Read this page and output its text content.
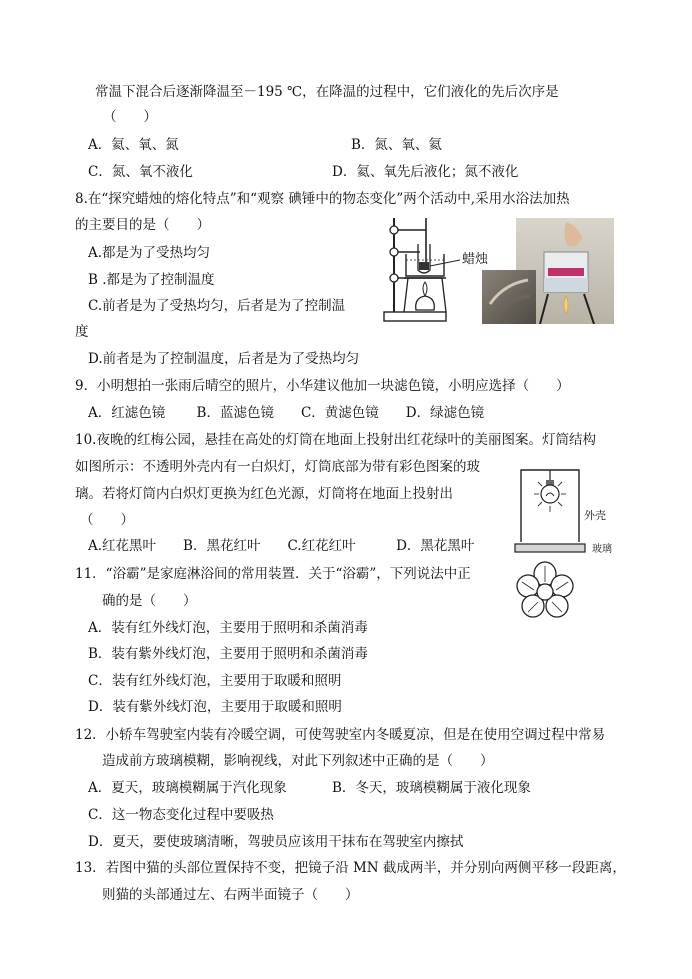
常温下混合后逐渐降温至－195 ℃，在降温的过程中，它们液化的先后次序是
（　　）
A．氦、氧、氮	B．氮、氧、氦
C．氮、氧不液化	D．氦、氧先后液化；氮不液化
8.在“探究蜡烛的熔化特点”和“观察 碘锤中的物态变化”两个活动中,采用水浴法加热
的主要目的是（　　）
A.都是为了受热均匀
B .都是为了控制温度
C.前者是为了受热均匀，后者是为了控制温
度
D.前者是为了控制温度，后者是为了受热均匀
蜡烛
9．小明想拍一张雨后晴空的照片，小华建议他加一块滤色镜，小明应选择（　　）
A．红滤色镜　　 B．蓝滤色镜　　C．黄滤色镜　　D．绿滤色镜
10.夜晚的红梅公园，悬挂在高处的灯筒在地面上投射出红花绿叶的美丽图案。灯筒结构
如图所示：不透明外壳内有一白炽灯，灯筒底部为带有彩色图案的玻
璃。若将灯筒内白炽灯更换为红色光源，灯筒将在地面上投射出
（　　）
A.红花黑叶　　B．黑花红叶　　C.红花红叶　　　D．黑花黑叶
外壳
玻璃
11．“浴霸”是家庭淋浴间的常用装置．关于“浴霸”，下列说法中正
确的是（　　）
A．装有红外线灯泡，主要用于照明和杀菌消毒
B．装有紫外线灯泡，主要用于照明和杀菌消毒
C．装有红外线灯泡，主要用于取暖和照明
D．装有紫外线灯泡，主要用于取暖和照明
12．小轿车驾驶室内装有冷暖空调，可使驾驶室内冬暖夏凉，但是在使用空调过程中常易
造成前方玻璃模糊，影响视线，对此下列叙述中正确的是（　　）
A．夏天，玻璃模糊属于汽化现象	B．冬天，玻璃模糊属于液化现象
C．这一物态变化过程中要吸热
D．夏天，要使玻璃清晰，驾驶员应该用干抹布在驾驶室内擦拭
13．若图中猫的头部位置保持不变，把镜子沿 MN 截成两半，并分别向两侧平移一段距离，
则猫的头部通过左、右两半面镜子（　　）
